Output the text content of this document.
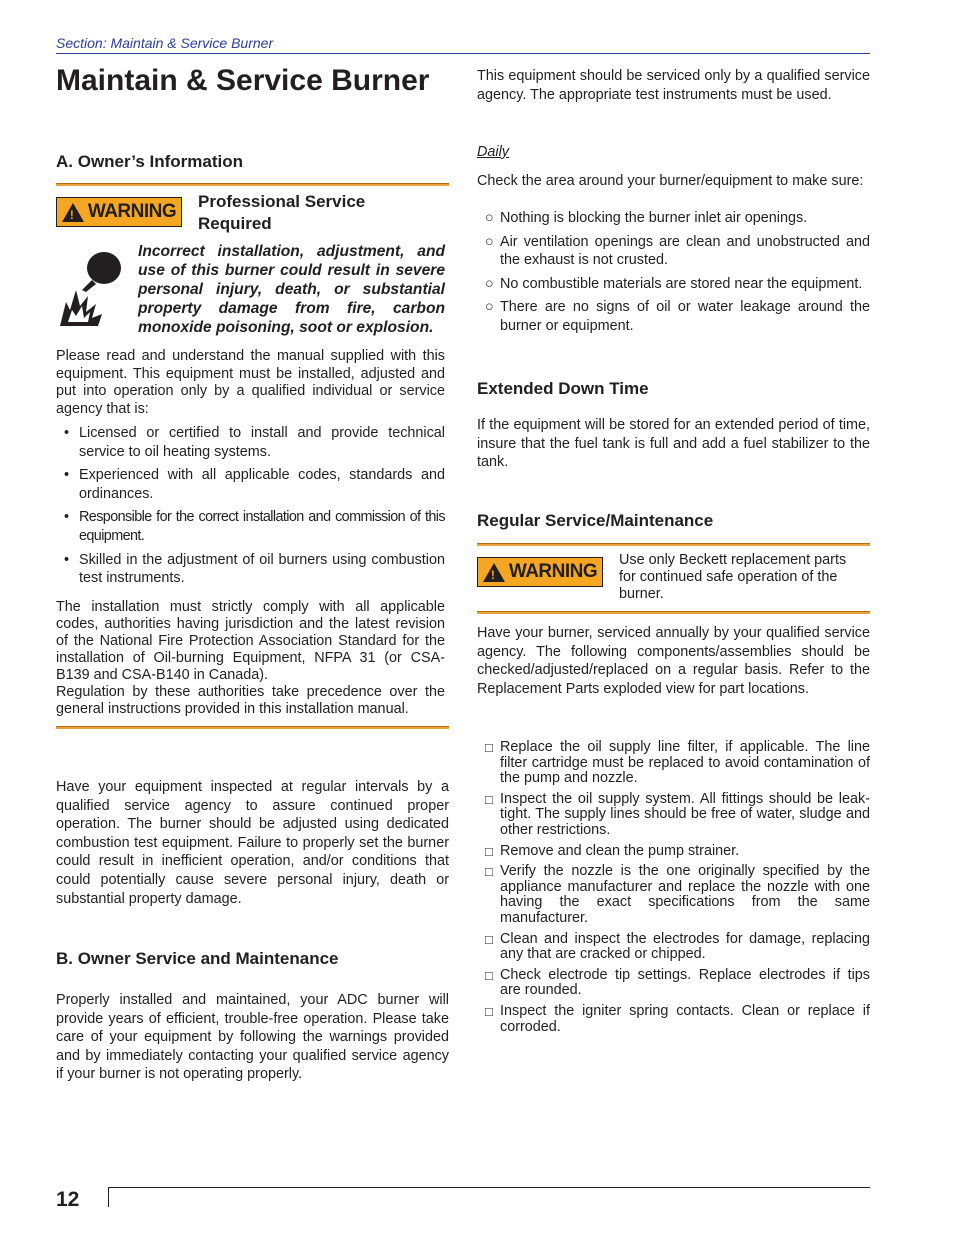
Section: Maintain & Service Burner
Maintain & Service Burner
A. Owner’s Information
! WARNING Professional Service Required
Incorrect installation, adjustment, and use of this burner could result in severe personal injury, death, or substantial property damage from fire, carbon monoxide poisoning, soot or explosion.
Please read and understand the manual supplied with this equipment. This equipment must be installed, adjusted and put into operation only by a qualified individual or service agency that is:
• Licensed or certified to install and provide technical service to oil heating systems.
• Experienced with all applicable codes, standards and ordinances.
• Responsible for the correct installation and commission of this equipment.
• Skilled in the adjustment of oil burners using combustion test instruments.
The installation must strictly comply with all applicable codes, authorities having jurisdiction and the latest revision of the National Fire Protection Association Standard for the installation of Oil-burning Equipment, NFPA 31 (or CSA-B139 and CSA-B140 in Canada).
Regulation by these authorities take precedence over the general instructions provided in this installation manual.
Have your equipment inspected at regular intervals by a qualified service agency to assure continued proper operation. The burner should be adjusted using dedicated combustion test equipment. Failure to properly set the burner could result in inefficient operation, and/or conditions that could potentially cause severe personal injury, death or substantial property damage.
B. Owner Service and Maintenance
Properly installed and maintained, your ADC burner will provide years of efficient, trouble-free operation. Please take care of your equipment by following the warnings provided and by immediately contacting your qualified service agency if your burner is not operating properly.
This equipment should be serviced only by a qualified service agency. The appropriate test instruments must be used.
Daily
Check the area around your burner/equipment to make sure:
○ Nothing is blocking the burner inlet air openings.
○ Air ventilation openings are clean and unobstructed and the exhaust is not crusted.
○ No combustible materials are stored near the equipment.
○ There are no signs of oil or water leakage around the burner or equipment.
Extended Down Time
If the equipment will be stored for an extended period of time, insure that the fuel tank is full and add a fuel stabilizer to the tank.
Regular Service/Maintenance
! WARNING
Use only Beckett replacement parts for continued safe operation of the burner.
Have your burner, serviced annually by your qualified service agency. The following components/assemblies should be checked/adjusted/replaced on a regular basis. Refer to the Replacement Parts exploded view for part locations.
□ Replace the oil supply line filter, if applicable. The line filter cartridge must be replaced to avoid contamination of the pump and nozzle.
□ Inspect the oil supply system. All fittings should be leak-tight. The supply lines should be free of water, sludge and other restrictions.
□ Remove and clean the pump strainer.
□ Verify the nozzle is the one originally specified by the appliance manufacturer and replace the nozzle with one having the exact specifications from the same manufacturer.
□ Clean and inspect the electrodes for damage, replacing any that are cracked or chipped.
□ Check electrode tip settings. Replace electrodes if tips are rounded.
□ Inspect the igniter spring contacts. Clean or replace if corroded.
12
